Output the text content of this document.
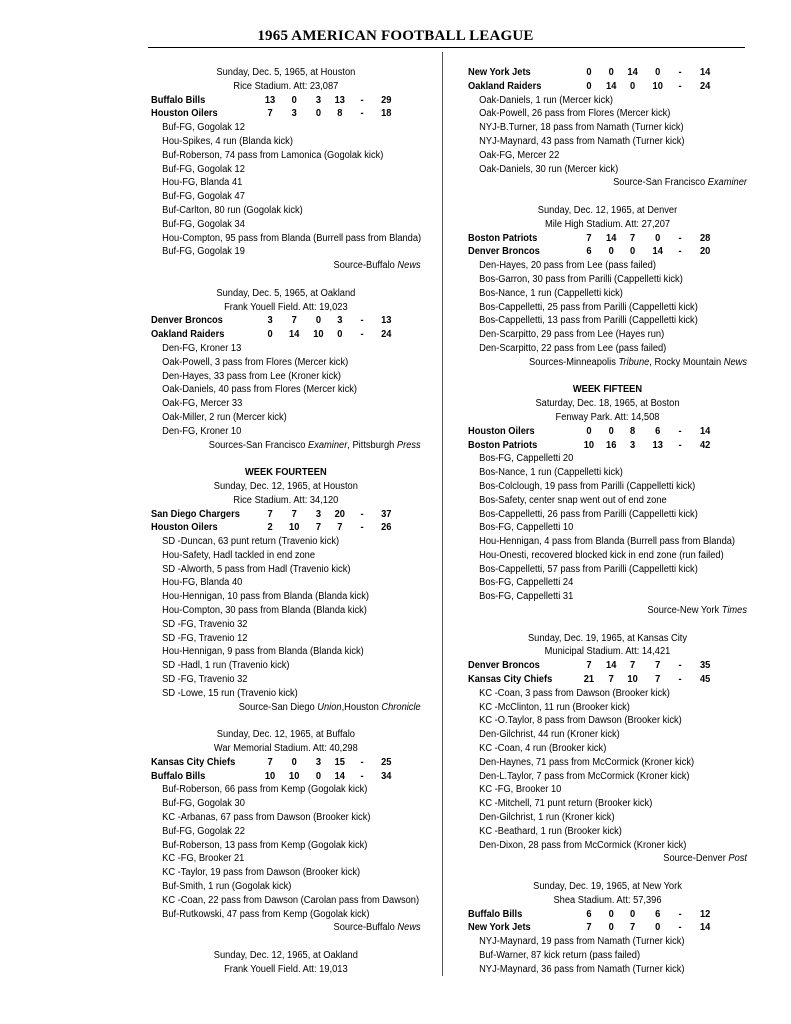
1965 AMERICAN FOOTBALL LEAGUE
Sunday, Dec. 5, 1965, at Houston
Rice Stadium. Att: 23,087
Buffalo Bills	13 0 3 13 - 29
Houston Oilers	7 3 0 8 - 18
Buf-FG, Gogolak 12
Hou-Spikes, 4 run (Blanda kick)
Buf-Roberson, 74 pass from Lamonica (Gogolak kick)
Buf-FG, Gogolak 12
Hou-FG, Blanda 41
Buf-FG, Gogolak 47
Buf-Carlton, 80 run (Gogolak kick)
Buf-FG, Gogolak 34
Hou-Compton, 95 pass from Blanda (Burrell pass from Blanda)
Buf-FG, Gogolak 19
Source-Buffalo News
Sunday, Dec. 5, 1965, at Oakland
Frank Youell Field. Att: 19,023
Denver Broncos	3 7 0 3 - 13
Oakland Raiders	0 14 10 0 - 24
Den-FG, Kroner 13
Oak-Powell, 3 pass from Flores (Mercer kick)
Den-Hayes, 33 pass from Lee (Kroner kick)
Oak-Daniels, 40 pass from Flores (Mercer kick)
Oak-FG, Mercer 33
Oak-Miller, 2 run (Mercer kick)
Den-FG, Kroner 10
Sources-San Francisco Examiner, Pittsburgh Press
WEEK FOURTEEN
Sunday, Dec. 12, 1965, at Houston
Rice Stadium. Att: 34,120
San Diego Chargers	7 7 3 20 - 37
Houston Oilers	2 10 7 7 - 26
SD -Duncan, 63 punt return (Travenio kick)
Hou-Safety, Hadl tackled in end zone
SD -Alworth, 5 pass from Hadl (Travenio kick)
Hou-FG, Blanda 40
Hou-Hennigan, 10 pass from Blanda (Blanda kick)
Hou-Compton, 30 pass from Blanda (Blanda kick)
SD -FG, Travenio 32
SD -FG, Travenio 12
Hou-Hennigan, 9 pass from Blanda (Blanda kick)
SD -Hadl, 1 run (Travenio kick)
SD -FG, Travenio 32
SD -Lowe, 15 run (Travenio kick)
Source-San Diego Union,Houston Chronicle
Sunday, Dec. 12, 1965, at Buffalo
War Memorial Stadium. Att: 40,298
Kansas City Chiefs	7 0 3 15 - 25
Buffalo Bills	10 10 0 14 - 34
Buf-Roberson, 66 pass from Kemp (Gogolak kick)
Buf-FG, Gogolak 30
KC -Arbanas, 67 pass from Dawson (Brooker kick)
Buf-FG, Gogolak 22
Buf-Roberson, 13 pass from Kemp (Gogolak kick)
KC -FG, Brooker 21
KC -Taylor, 19 pass from Dawson (Brooker kick)
Buf-Smith, 1 run (Gogolak kick)
KC -Coan, 22 pass from Dawson (Carolan pass from Dawson)
Buf-Rutkowski, 47 pass from Kemp (Gogolak kick)
Source-Buffalo News
Sunday, Dec. 12, 1965, at Oakland
Frank Youell Field. Att: 19,013
New York Jets	0 0 14 0 - 14
Oakland Raiders	0 14 0 10 - 24
Oak-Daniels, 1 run (Mercer kick)
Oak-Powell, 26 pass from Flores (Mercer kick)
NYJ-B.Turner, 18 pass from Namath (Turner kick)
NYJ-Maynard, 43 pass from Namath (Turner kick)
Oak-FG, Mercer 22
Oak-Daniels, 30 run (Mercer kick)
Source-San Francisco Examiner
Sunday, Dec. 12, 1965, at Denver
Mile High Stadium. Att: 27,207
Boston Patriots	7 14 7 0 - 28
Denver Broncos	6 0 0 14 - 20
Den-Hayes, 20 pass from Lee (pass failed)
Bos-Garron, 30 pass from Parilli (Cappelletti kick)
Bos-Nance, 1 run (Cappelletti kick)
Bos-Cappelletti, 25 pass from Parilli (Cappelletti kick)
Bos-Cappelletti, 13 pass from Parilli (Cappelletti kick)
Den-Scarpitto, 29 pass from Lee (Hayes run)
Den-Scarpitto, 22 pass from Lee (pass failed)
Sources-Minneapolis Tribune, Rocky Mountain News
WEEK FIFTEEN
Saturday, Dec. 18, 1965, at Boston
Fenway Park. Att: 14,508
Houston Oilers	0 0 8 6 - 14
Boston Patriots	10 16 3 13 - 42
Bos-FG, Cappelletti 20
Bos-Nance, 1 run (Cappelletti kick)
Bos-Colclough, 19 pass from Parilli (Cappelletti kick)
Bos-Safety, center snap went out of end zone
Bos-Cappelletti, 26 pass from Parilli (Cappelletti kick)
Bos-FG, Cappelletti 10
Hou-Hennigan, 4 pass from Blanda (Burrell pass from Blanda)
Hou-Onesti, recovered blocked kick in end zone (run failed)
Bos-Cappelletti, 57 pass from Parilli (Cappelletti kick)
Bos-FG, Cappelletti 24
Bos-FG, Cappelletti 31
Source-New York Times
Sunday, Dec. 19, 1965, at Kansas City
Municipal Stadium. Att: 14,421
Denver Broncos	7 14 7 7 - 35
Kansas City Chiefs	21 7 10 7 - 45
KC -Coan, 3 pass from Dawson (Brooker kick)
KC -McClinton, 11 run (Brooker kick)
KC -O.Taylor, 8 pass from Dawson (Brooker kick)
Den-Gilchrist, 44 run (Kroner kick)
KC -Coan, 4 run (Brooker kick)
Den-Haynes, 71 pass from McCormick (Kroner kick)
Den-L.Taylor, 7 pass from McCormick (Kroner kick)
KC -FG, Brooker 10
KC -Mitchell, 71 punt return (Brooker kick)
Den-Gilchrist, 1 run (Kroner kick)
KC -Beathard, 1 run (Brooker kick)
Den-Dixon, 28 pass from McCormick (Kroner kick)
Source-Denver Post
Sunday, Dec. 19, 1965, at New York
Shea Stadium. Att: 57,396
Buffalo Bills	6 0 0 6 - 12
New York Jets	7 0 7 0 - 14
NYJ-Maynard, 19 pass from Namath (Turner kick)
Buf-Warner, 87 kick return (pass failed)
NYJ-Maynard, 36 pass from Namath (Turner kick)
